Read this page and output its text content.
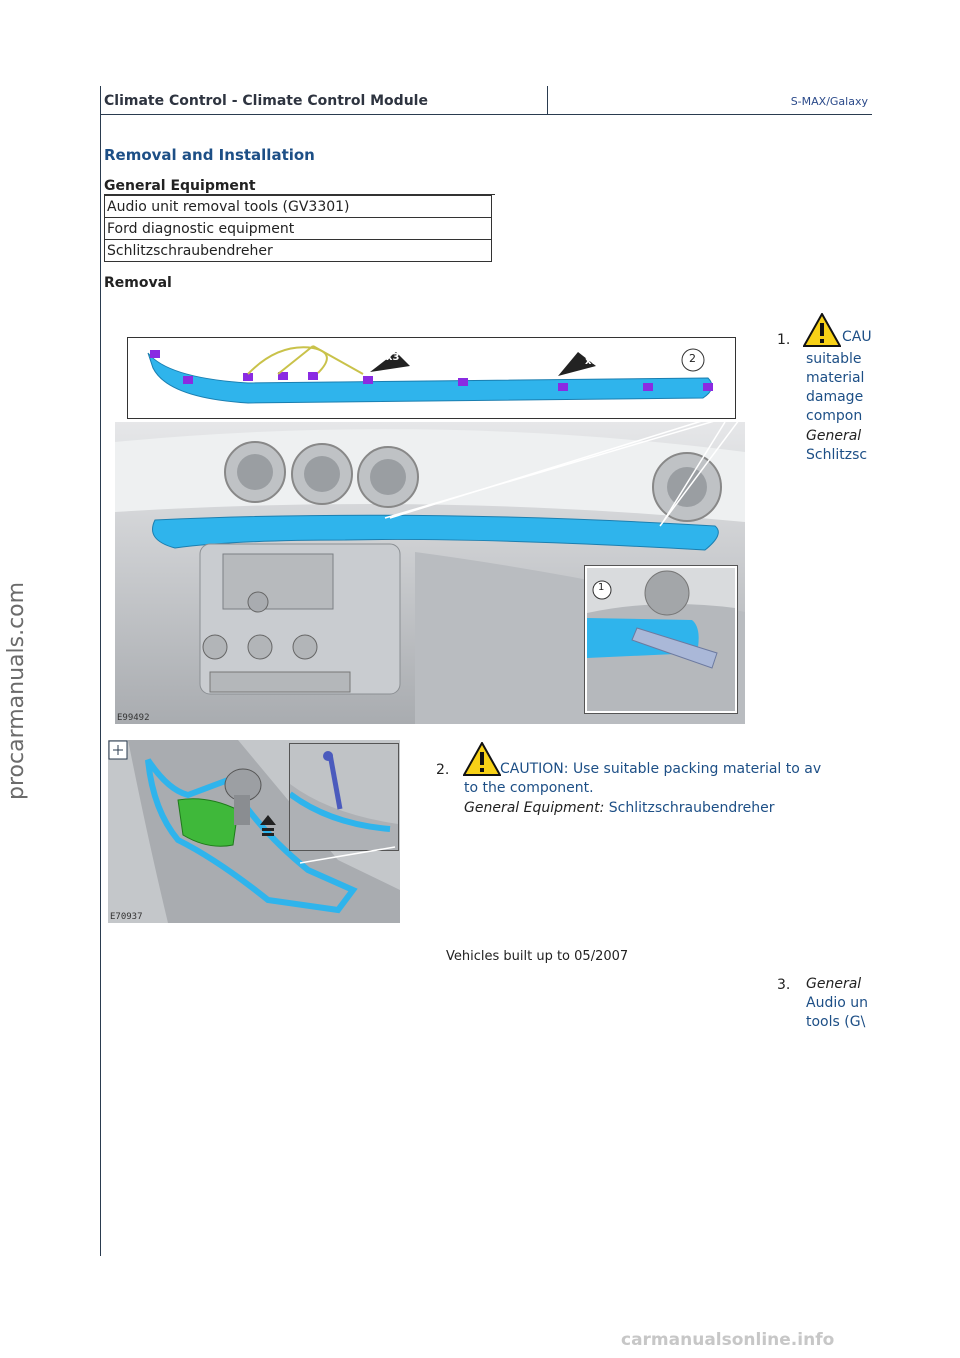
Climate Control - Climate Control Module	S-MAX/Galaxy
Removal and Installation
General Equipment
Audio unit removal tools (GV3301)
Ford diagnostic equipment
Schlitzschraubendreher
Removal
E99492
x3	x9	2
1
1.	CAU
suitable
material
damage
compon
General
Schlitzsc
E70937
2.	CAUTION: Use suitable packing material to av
to the component.
General Equipment: Schlitzschraubendreher
Vehicles built up to 05/2007
3. General
Audio un
tools (G\
procarmanuals.com
carmanualsonline.info
